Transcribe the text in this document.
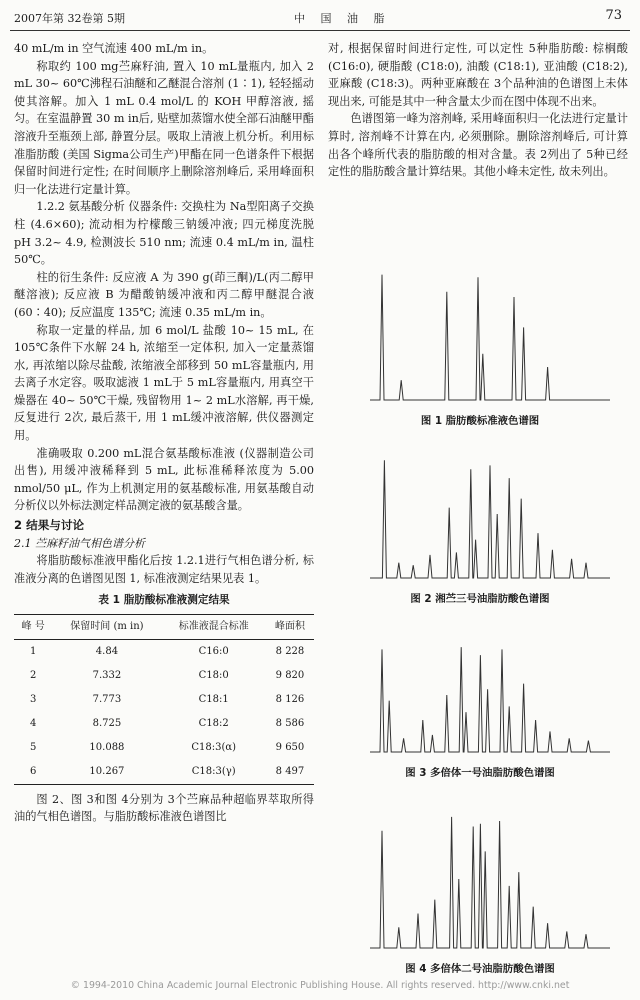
2007年第 32卷第 5期	中 国 油 脂	73

40 mL/m in 空气流速 400 mL/m in。

称取约 100 mg苎麻籽油, 置入 10 mL量瓶内, 加入 2 mL 30~ 60℃沸程石油醚和乙醚混合溶剂 (1∶1), 轻轻摇动使其溶解。加入 1 mL 0.4 mol/L 的 KOH 甲醇溶液, 摇匀。在室温静置 30 m in后, 贴壁加蒸馏水使全部石油醚甲酯溶液升至瓶颈上部, 静置分层。吸取上清液上机分析。利用标准脂肪酸 (美国 Sigma公司生产)甲酯在同一色谱条件下根据保留时间进行定性; 在时间顺序上删除溶剂峰后, 采用峰面积归一化法进行定量计算。

1.2.2 氨基酸分析 仪器条件: 交换柱为 Na型阳离子交换柱 (4.6×60); 流动相为柠檬酸三钠缓冲液; 四元梯度洗脱 pH 3.2~ 4.9, 检测波长 510 nm; 流速 0.4 mL/m in, 温柱 50℃。

柱的衍生条件: 反应液 A 为 390 g(茚三酮)/L(丙二醇甲醚溶液); 反应液 B 为醋酸钠缓冲液和丙二醇甲醚混合液 (60∶40); 反应温度 135℃; 流速 0.35 mL/m in。

称取一定量的样品, 加 6 mol/L 盐酸 10~ 15 mL, 在 105℃条件下水解 24 h, 浓缩至一定体积, 加入一定量蒸馏水, 再浓缩以除尽盐酸, 浓缩液全部移到 50 mL容量瓶内, 用去离子水定容。吸取滤液 1 mL于 5 mL容量瓶内, 用真空干燥器在 40~ 50℃干燥, 残留物用 1~ 2 mL水溶解, 再干燥, 反复进行 2次, 最后蒸干, 用 1 mL缓冲液溶解, 供仪器测定用。

准确吸取 0.200 mL混合氨基酸标准液 (仪器制造公司出售), 用缓冲液稀释到 5 mL, 此标准稀释浓度为 5.00 nmol/50 μL, 作为上机测定用的氨基酸标准, 用氨基酸自动分析仪以外标法测定样品测定液的氨基酸含量。

2 结果与讨论
2.1 苎麻籽油气相色谱分析

将脂肪酸标准液甲酯化后按 1.2.1进行气相色谱分析, 标准液分离的色谱图见图 1, 标准液测定结果见表 1。

表 1 脂肪酸标准液测定结果
峰 号	保留时间 (m in)	标准液混合标准	峰面积
1	4.84	C16:0	8 228
2	7.332	C18:0	9 820
3	7.773	C18:1	8 126
4	8.725	C18:2	8 586
5	10.088	C18:3(α)	9 650
6	10.267	C18:3(γ)	8 497

图 2、图 3和图 4分别为 3个苎麻品种超临界萃取所得油的气相色谱图。与脂肪酸标准液色谱图比

对, 根据保留时间进行定性, 可以定性 5种脂肪酸: 棕榈酸 (C16:0), 硬脂酸 (C18:0), 油酸 (C18:1), 亚油酸 (C18:2), 亚麻酸 (C18:3)。两种亚麻酸在 3个品种油的色谱图上未体现出来, 可能是其中一种含量太少而在图中体现不出来。

色谱图第一峰为溶剂峰, 采用峰面积归一化法进行定量计算时, 溶剂峰不计算在内, 必须删除。删除溶剂峰后, 可计算出各个峰所代表的脂肪酸的相对含量。表 2列出了 5种已经定性的脂肪酸含量计算结果。其他小峰未定性, 故未列出。

图 1 脂肪酸标准液色谱图
图 2 湘苎三号油脂肪酸色谱图
图 3 多倍体一号油脂肪酸色谱图
图 4 多倍体二号油脂肪酸色谱图
© 1994-2010 China Academic Journal Electronic Publishing House. All rights reserved. http://www.cnki.net
